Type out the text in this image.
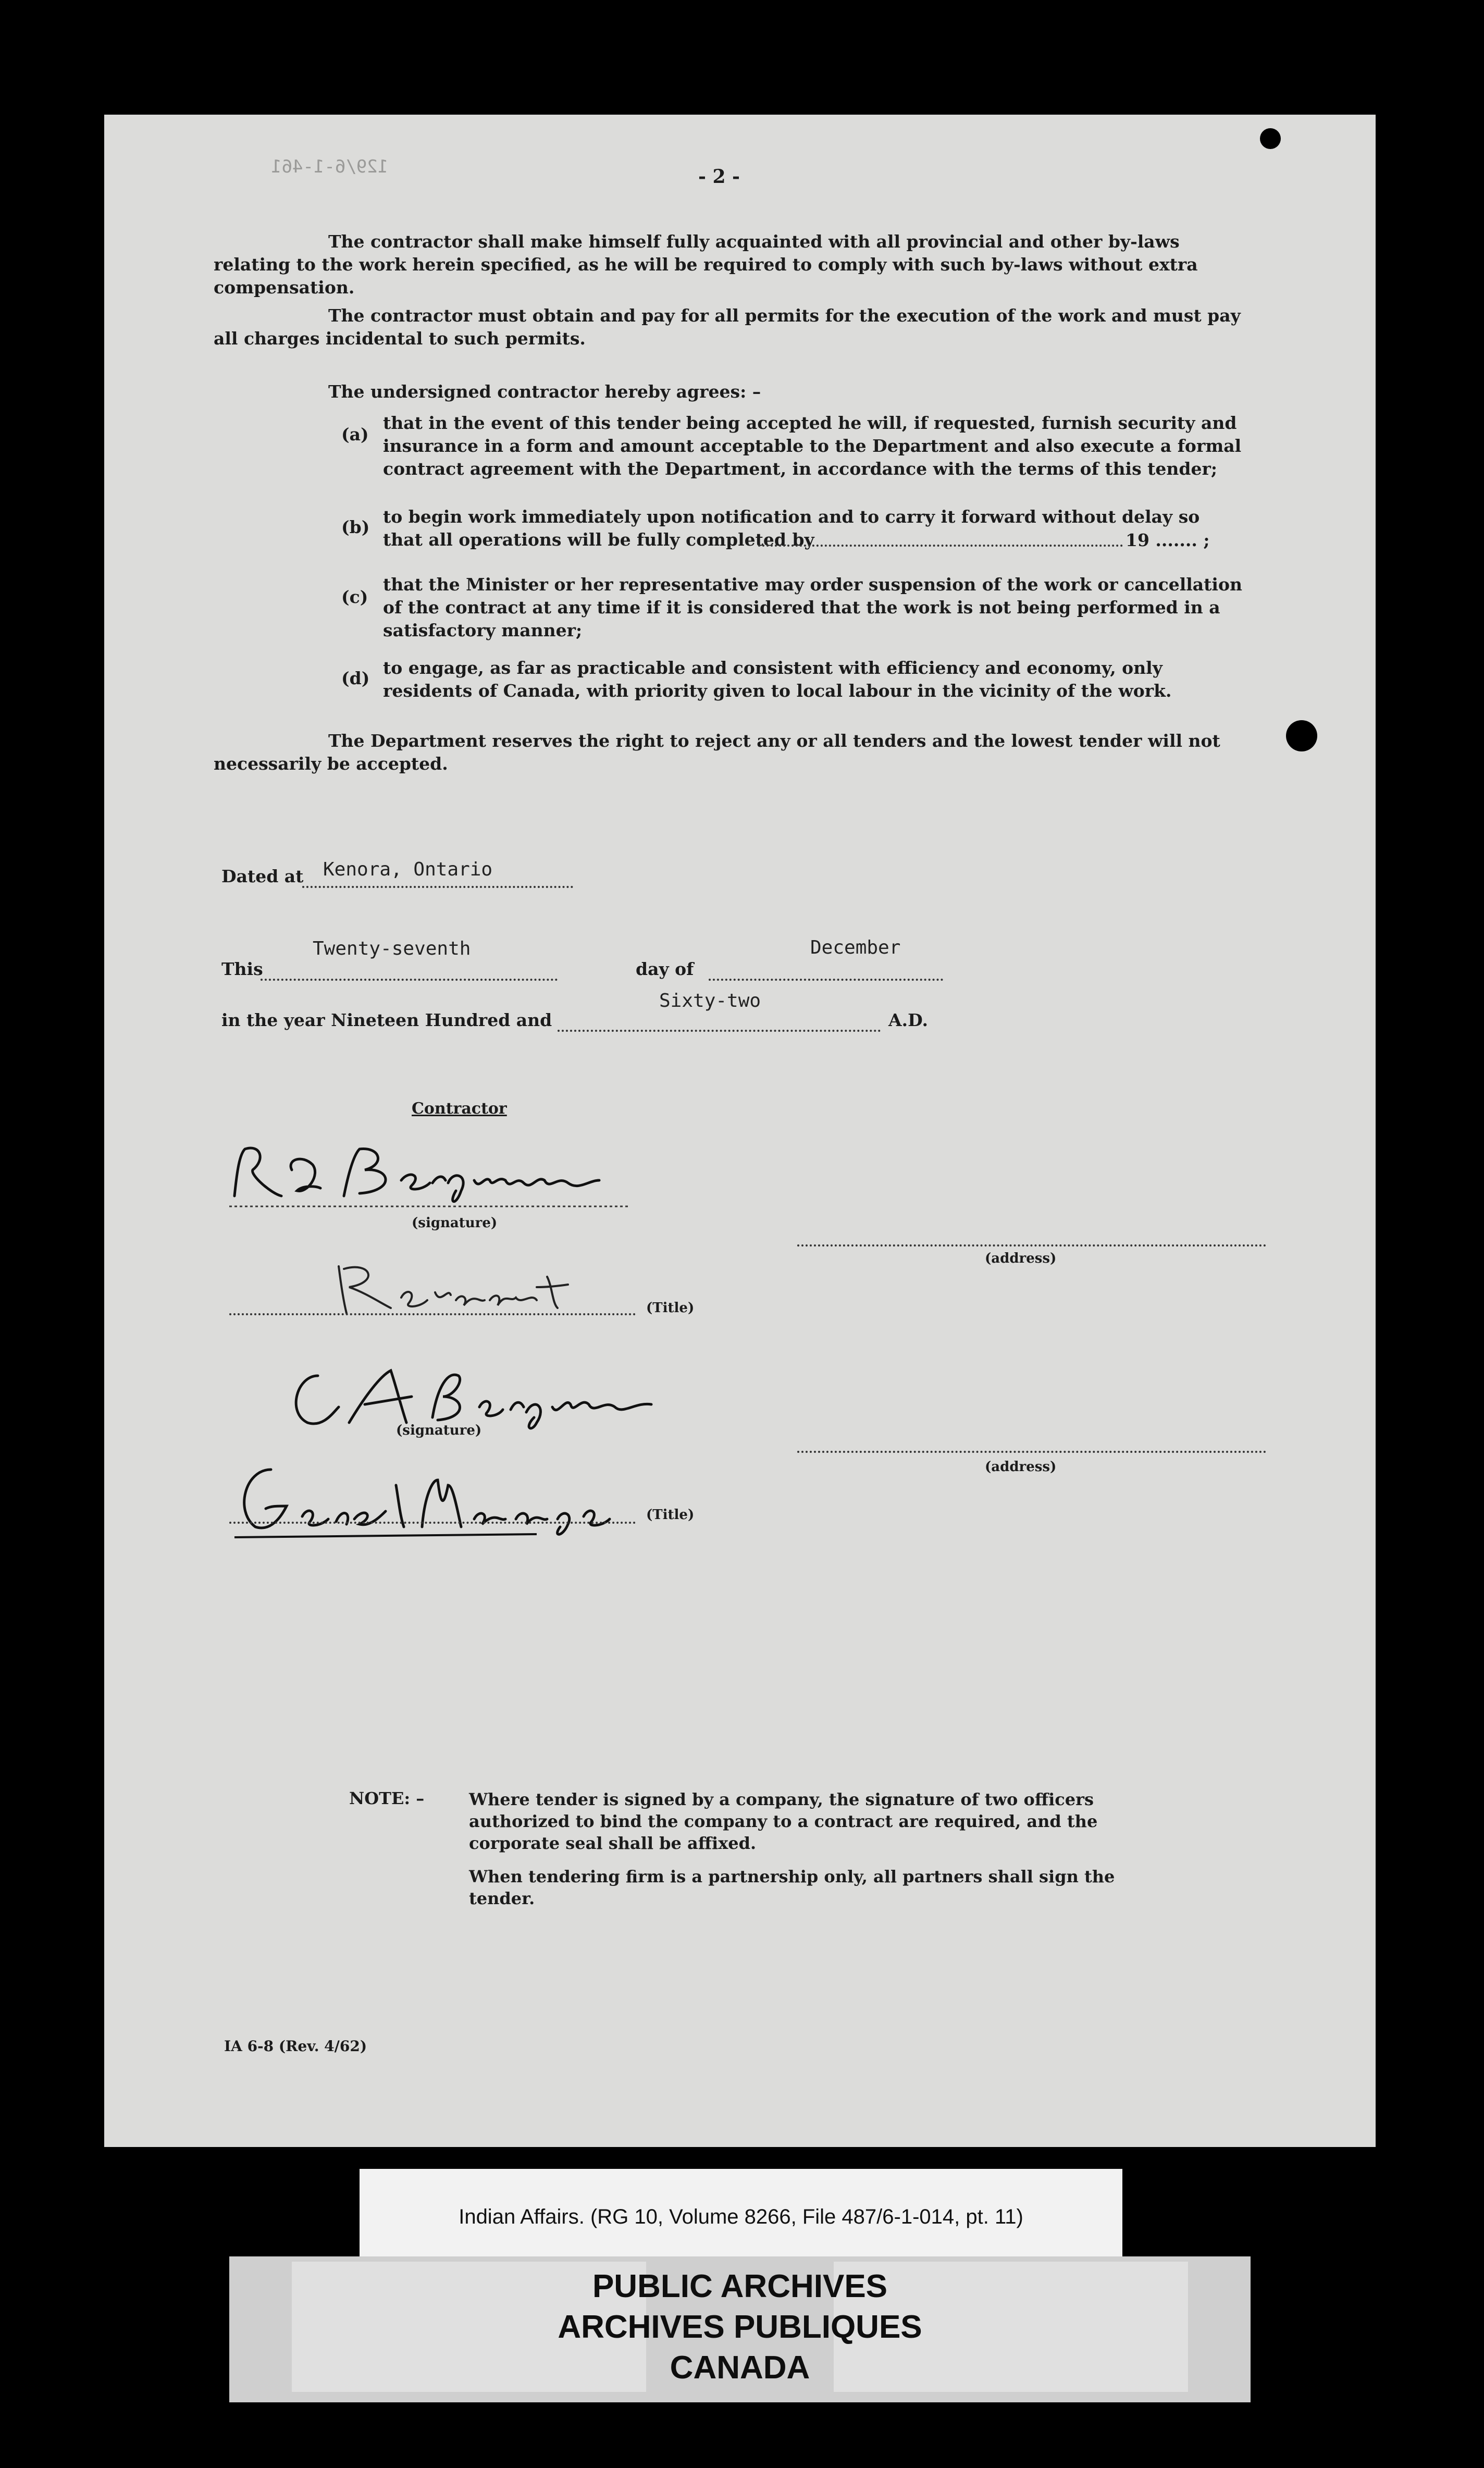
129/6-1-461	- 2 -
The contractor shall make himself fully acquainted with all provincial and other by-laws relating to the work herein specified, as he will be required to comply with such by-laws without extra compensation.
The contractor must obtain and pay for all permits for the execution of the work and must pay all charges incidental to such permits.
The undersigned contractor hereby agrees: –
(a)
that in the event of this tender being accepted he will, if requested, furnish security and insurance in a form and amount acceptable to the Department and also execute a formal contract agreement with the Department, in accordance with the terms of this tender;
(b)
to begin work immediately upon notification and to carry it forward without delay so that all operations will be fully completed by	19 ....... ;
(c)
that the Minister or her representative may order suspension of the work or cancellation of the contract at any time if it is considered that the work is not being performed in a satisfactory manner;
(d)
to engage, as far as practicable and consistent with efficiency and economy, only residents of Canada, with priority given to local labour in the vicinity of the work.
The Department reserves the right to reject any or all tenders and the lowest tender will not necessarily be accepted.
Dated at Kenora, Ontario
This
Twenty-seventh
day of
December
in the year Nineteen Hundred and
Sixty-two
A.D.
Contractor
(signature)
(address)
(Title)
(signature)
(address)
(Title)
NOTE: –	Where tender is signed by a company, the signature of two officers authorized to bind the company to a contract are required, and the corporate seal shall be affixed.
When tendering firm is a partnership only, all partners shall sign the tender.
IA 6-8 (Rev. 4/62)
Indian Affairs. (RG 10, Volume 8266, File 487/6-1-014, pt. 11)
PUBLIC ARCHIVES
ARCHIVES PUBLIQUES
CANADA
